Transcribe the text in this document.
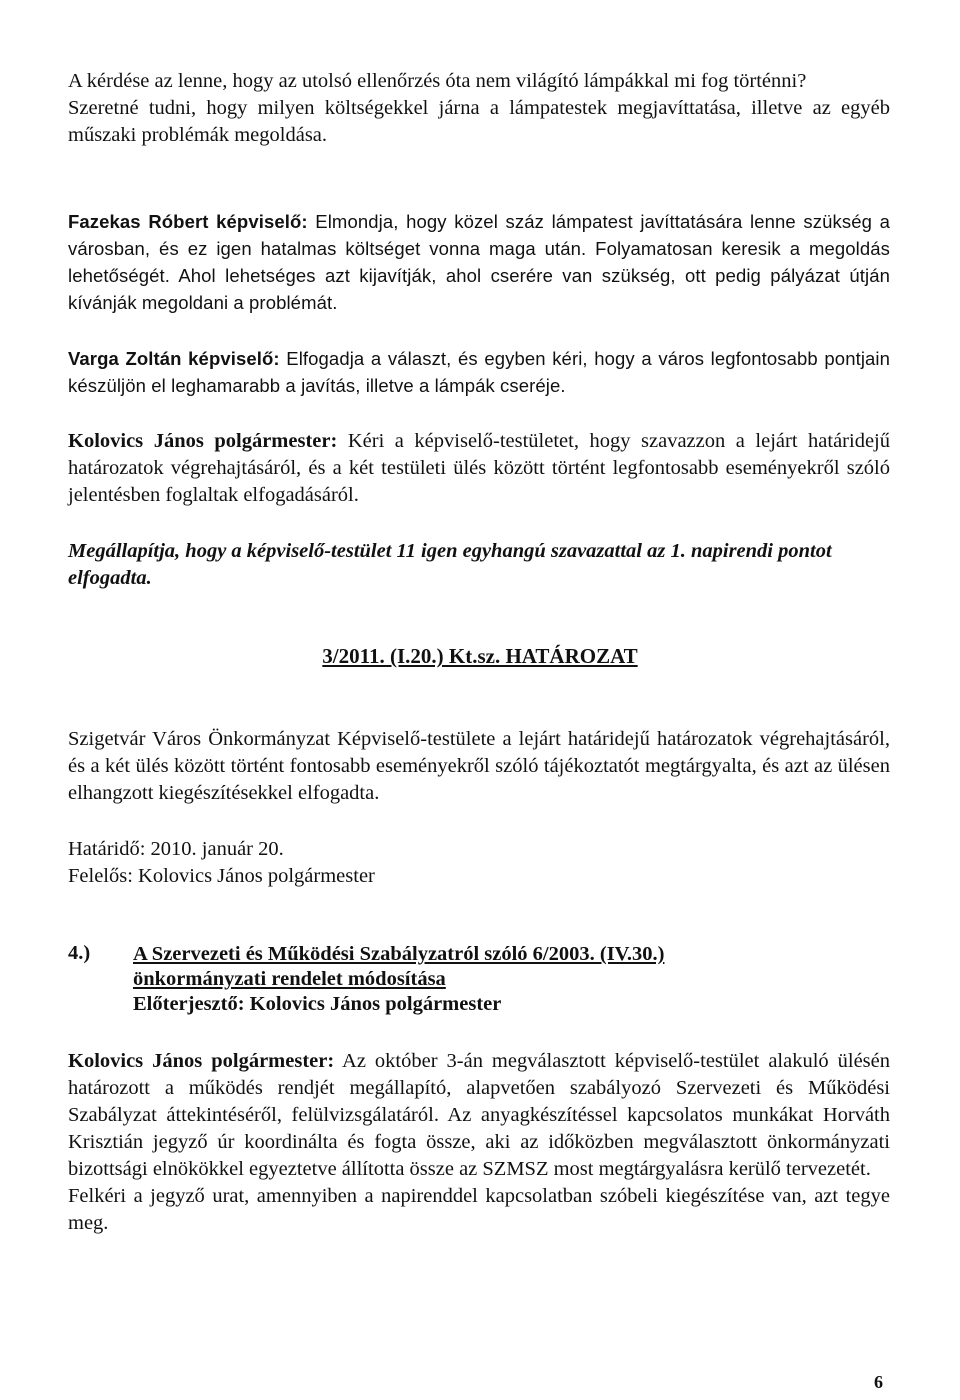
A kérdése az lenne, hogy az utolsó ellenőrzés óta nem világító lámpákkal mi fog történni?

Szeretné tudni, hogy milyen költségekkel járna a lámpatestek megjavíttatása, illetve az egyéb műszaki problémák megoldása.

Fazekas Róbert képviselő: Elmondja, hogy közel száz lámpatest javíttatására lenne szükség a városban, és ez igen hatalmas költséget vonna maga után. Folyamatosan keresik a megoldás lehetőségét. Ahol lehetséges azt kijavítják, ahol cserére van szükség, ott pedig pályázat útján kívánják megoldani a problémát.

Varga Zoltán képviselő: Elfogadja a választ, és egyben kéri, hogy a város legfontosabb pontjain készüljön el leghamarabb a javítás, illetve a lámpák cseréje.

Kolovics János polgármester: Kéri a képviselő-testületet, hogy szavazzon a lejárt határidejű határozatok végrehajtásáról, és a két testületi ülés között történt legfontosabb eseményekről szóló jelentésben foglaltak elfogadásáról.

Megállapítja, hogy a képviselő-testület 11 igen egyhangú szavazattal az 1. napirendi pontot elfogadta.

3/2011. (I.20.) Kt.sz. HATÁROZAT

Szigetvár Város Önkormányzat Képviselő-testülete a lejárt határidejű határozatok végrehajtásáról, és a két ülés között történt fontosabb eseményekről szóló tájékoztatót megtárgyalta, és azt az ülésen elhangzott kiegészítésekkel elfogadta.

Határidő: 2010. január 20.

Felelős: Kolovics János polgármester

4.) A Szervezeti és Működési Szabályzatról szóló 6/2003. (IV.30.)
önkormányzati rendelet módosítása
Előterjesztő: Kolovics János polgármester

Kolovics János polgármester: Az október 3-án megválasztott képviselő-testület alakuló ülésén határozott a működés rendjét megállapító, alapvetően szabályozó Szervezeti és Működési Szabályzat áttekintéséről, felülvizsgálatáról. Az anyagkészítéssel kapcsolatos munkákat Horváth Krisztián jegyző úr koordinálta és fogta össze, aki az időközben megválasztott önkormányzati bizottsági elnökökkel egyeztetve állította össze az SZMSZ most megtárgyalásra kerülő tervezetét.

Felkéri a jegyző urat, amennyiben a napirenddel kapcsolatban szóbeli kiegészítése van, azt tegye meg.

6
